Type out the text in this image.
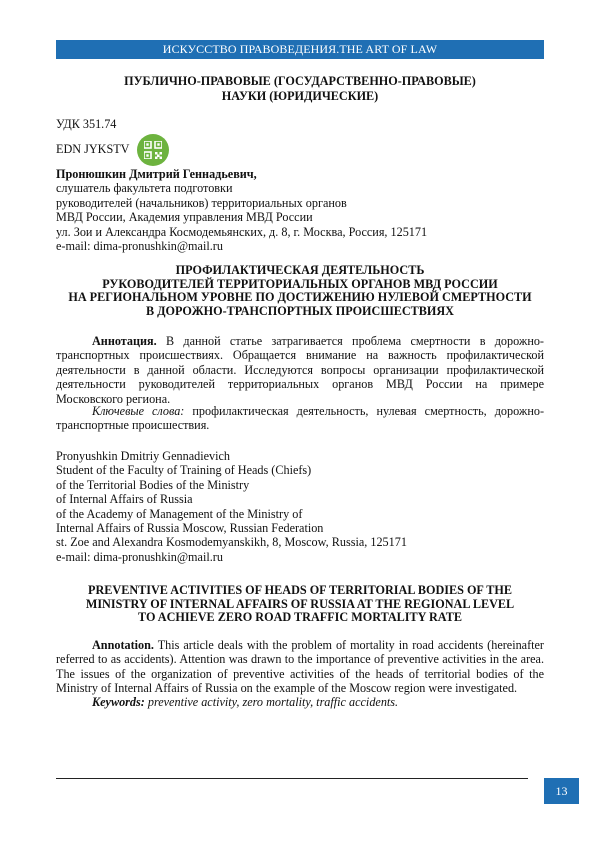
ИСКУССТВО ПРАВОВЕДЕНИЯ.THE ART OF LAW
ПУБЛИЧНО-ПРАВОВЫЕ (ГОСУДАРСТВЕННО-ПРАВОВЫЕ)
НАУКИ (ЮРИДИЧЕСКИЕ)
УДК 351.74
EDN JYKSTV
Пронюшкин Дмитрий Геннадьевич,
слушатель факультета подготовки
руководителей (начальников) территориальных органов
МВД России, Академия управления МВД России
ул. Зои и Александра Космодемьянских, д. 8, г. Москва, Россия, 125171
e-mail: dima-pronushkin@mail.ru
ПРОФИЛАКТИЧЕСКАЯ ДЕЯТЕЛЬНОСТЬ
РУКОВОДИТЕЛЕЙ ТЕРРИТОРИАЛЬНЫХ ОРГАНОВ МВД РОССИИ
НА РЕГИОНАЛЬНОМ УРОВНЕ ПО ДОСТИЖЕНИЮ НУЛЕВОЙ СМЕРТНОСТИ
В ДОРОЖНО-ТРАНСПОРТНЫХ ПРОИСШЕСТВИЯХ
Аннотация. В данной статье затрагивается проблема смертности в дорожно-транспортных происшествиях. Обращается внимание на важность профилактической деятельности в данной области. Исследуются вопросы организации профилактической деятельности руководителей территориальных органов МВД России на примере Московского региона.
Ключевые слова: профилактическая деятельность, нулевая смертность, дорожно-транспортные происшествия.
Pronyushkin Dmitriy Gennadievich
Student of the Faculty of Training of Heads (Chiefs)
of the Territorial Bodies of the Ministry
of Internal Affairs of Russia
of the Academy of Management of the Ministry of
Internal Affairs of Russia Moscow, Russian Federation
st. Zoe and Alexandra Kosmodemyanskikh, 8, Moscow, Russia, 125171
e-mail: dima-pronushkin@mail.ru
PREVENTIVE ACTIVITIES OF HEADS OF TERRITORIAL BODIES OF THE
MINISTRY OF INTERNAL AFFAIRS OF RUSSIA AT THE REGIONAL LEVEL
TO ACHIEVE ZERO ROAD TRAFFIC MORTALITY RATE
Annotation. This article deals with the problem of mortality in road accidents (hereinafter referred to as accidents). Attention was drawn to the importance of preventive activities in the area. The issues of the organization of preventive activities of the heads of territorial bodies of the Ministry of Internal Affairs of Russia on the example of the Moscow region were investigated.
Keywords: preventive activity, zero mortality, traffic accidents.
13
